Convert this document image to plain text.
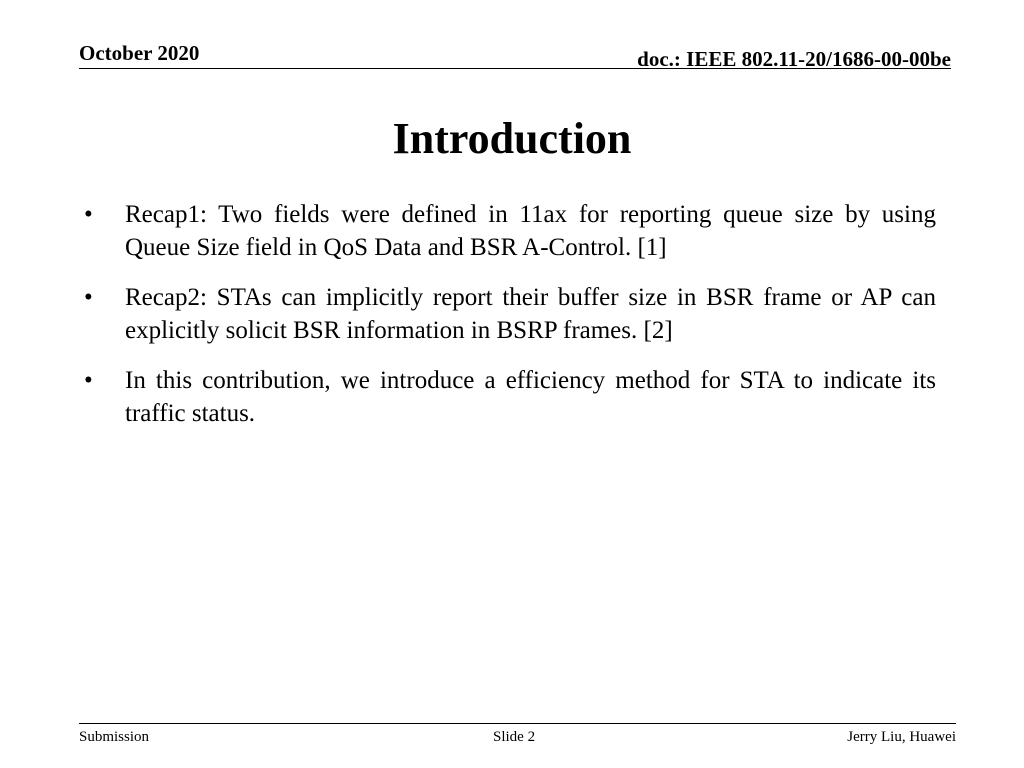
October 2020	doc.: IEEE 802.11-20/1686-00-00be
Introduction
•	Recap1: Two fields were defined in 11ax for reporting queue size by using Queue Size field in QoS Data and BSR A-Control. [1]
•	Recap2: STAs can implicitly report their buffer size in BSR frame or AP can explicitly solicit BSR information in BSRP frames. [2]
•	In this contribution, we introduce a efficiency method for STA to indicate its traffic status.
Submission	Slide 2	Jerry Liu, Huawei
